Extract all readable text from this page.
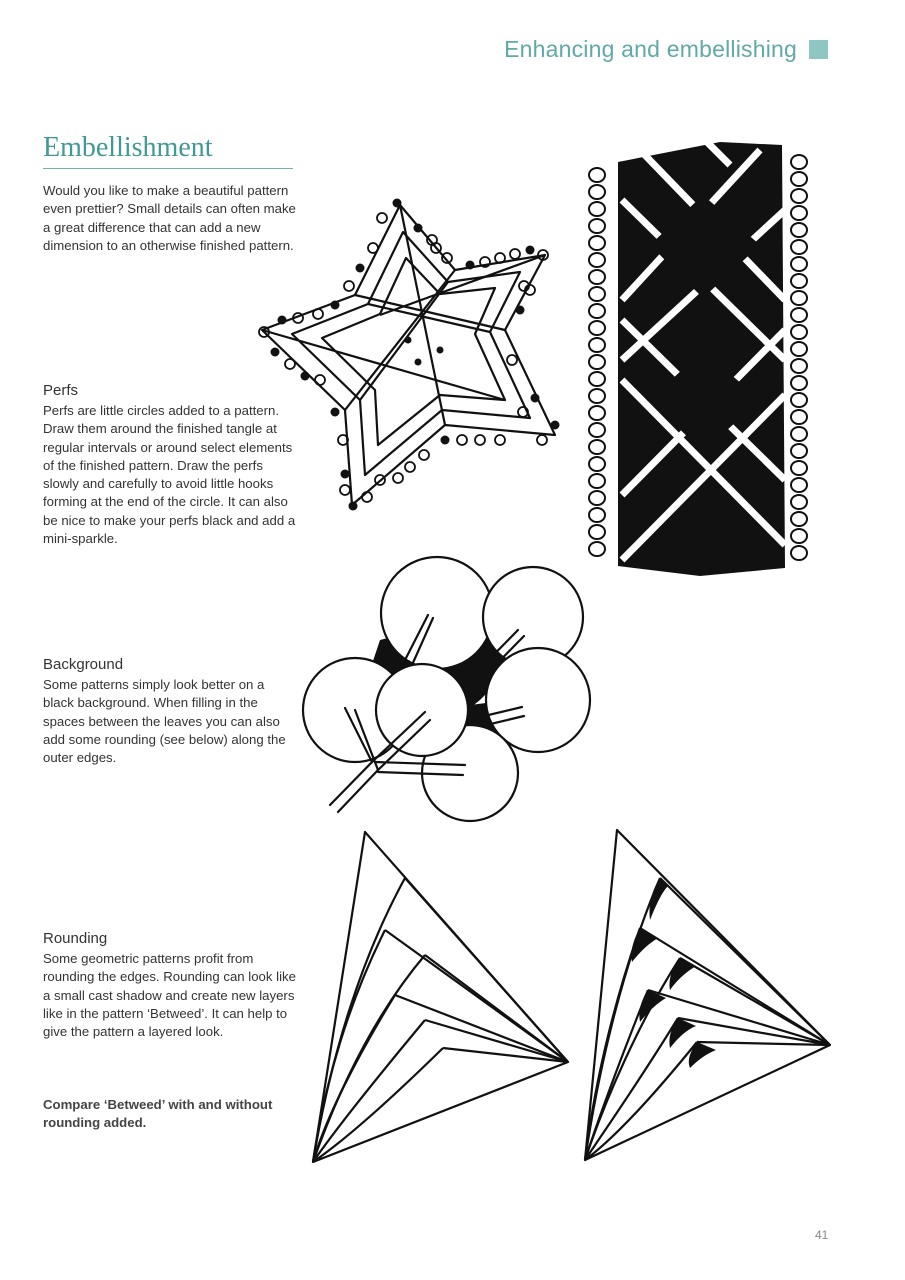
Enhancing and embellishing
Embellishment
Would you like to make a beautiful pattern even prettier? Small details can often make a great difference that can add a new dimension to an otherwise finished pattern.
Perfs
Perfs are little circles added to a pattern. Draw them around the finished tangle at regular intervals or around select elements of the finished pattern. Draw the perfs slowly and carefully to avoid little hooks forming at the end of the circle. It can also be nice to make your perfs black and add a mini-sparkle.
Background
Some patterns simply look better on a black background. When filling in the spaces between the leaves you can also add some rounding (see below) along the outer edges.
Rounding
Some geometric patterns profit from rounding the edges. Rounding can look like a small cast shadow and create new layers like in the pattern ‘Betweed’. It can help to give the pattern a layered look.
Compare ‘Betweed’ with and without rounding added.
41
